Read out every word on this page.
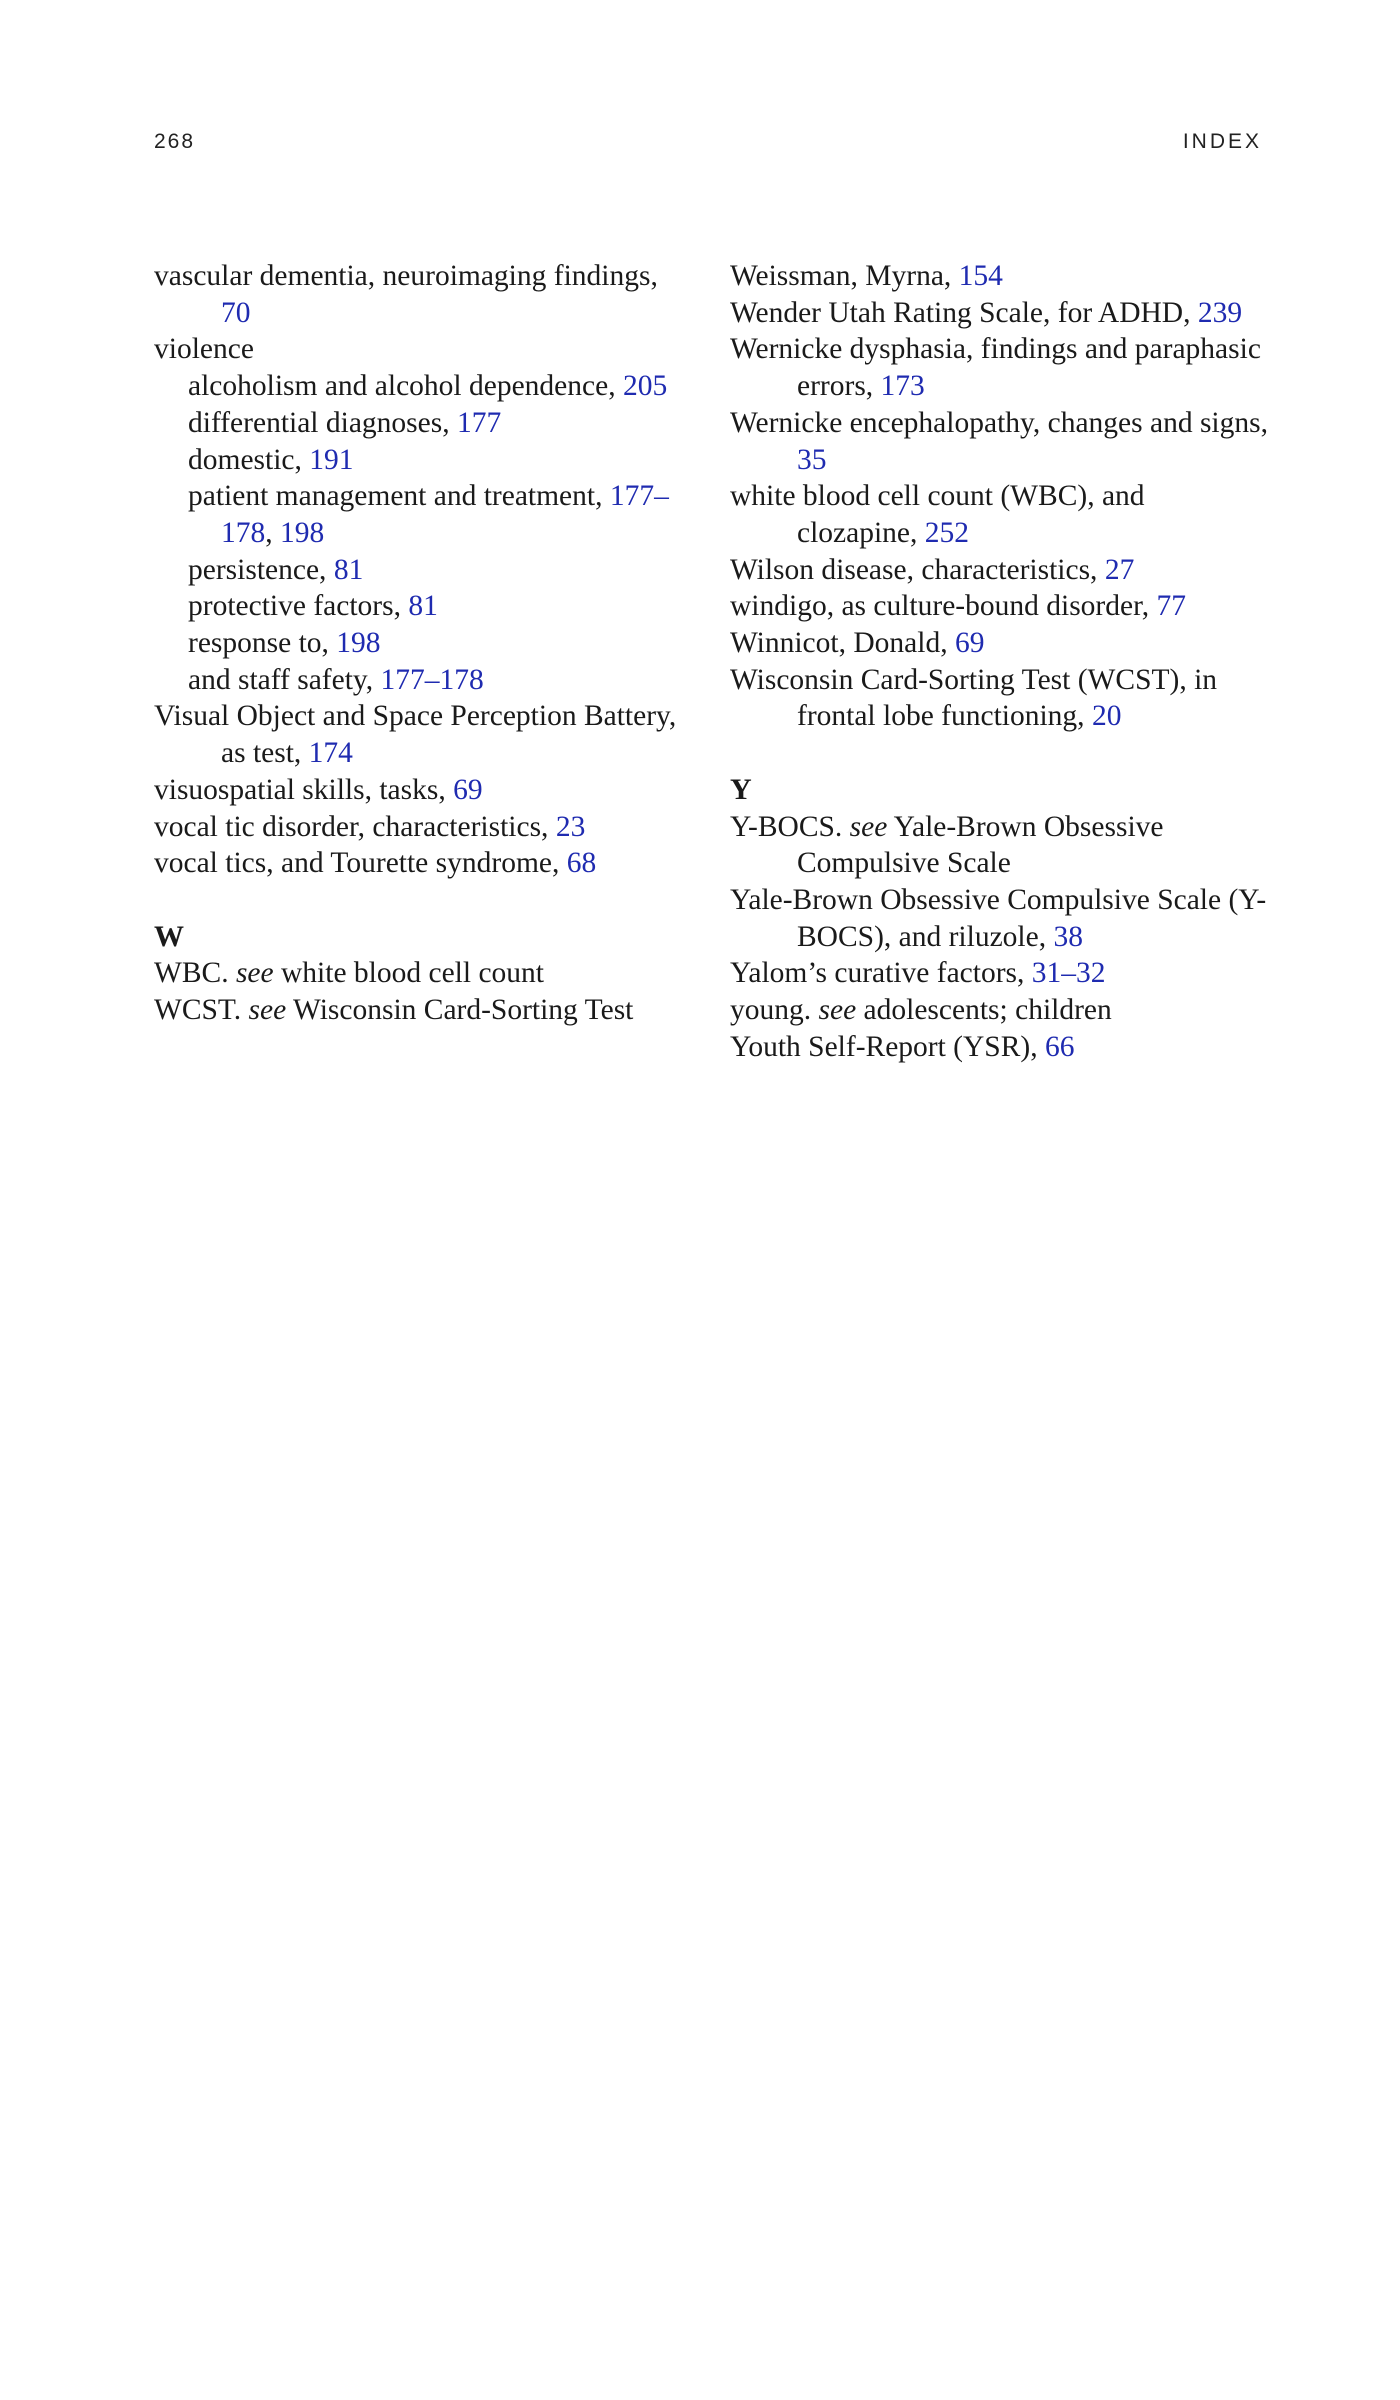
268	INDEX
vascular dementia, neuroimaging findings, 70
violence
alcoholism and alcohol dependence, 205
differential diagnoses, 177
domestic, 191
patient management and treatment, 177–178, 198
persistence, 81
protective factors, 81
response to, 198
and staff safety, 177–178
Visual Object and Space Perception Battery, as test, 174
visuospatial skills, tasks, 69
vocal tic disorder, characteristics, 23
vocal tics, and Tourette syndrome, 68
W
WBC. see white blood cell count
WCST. see Wisconsin Card-Sorting Test
Weissman, Myrna, 154
Wender Utah Rating Scale, for ADHD, 239
Wernicke dysphasia, findings and paraphasic errors, 173
Wernicke encephalopathy, changes and signs, 35
white blood cell count (WBC), and clozapine, 252
Wilson disease, characteristics, 27
windigo, as culture-bound disorder, 77
Winnicot, Donald, 69
Wisconsin Card-Sorting Test (WCST), in frontal lobe functioning, 20
Y
Y-BOCS. see Yale-Brown Obsessive Compulsive Scale
Yale-Brown Obsessive Compulsive Scale (Y-BOCS), and riluzole, 38
Yalom’s curative factors, 31–32
young. see adolescents; children
Youth Self-Report (YSR), 66
